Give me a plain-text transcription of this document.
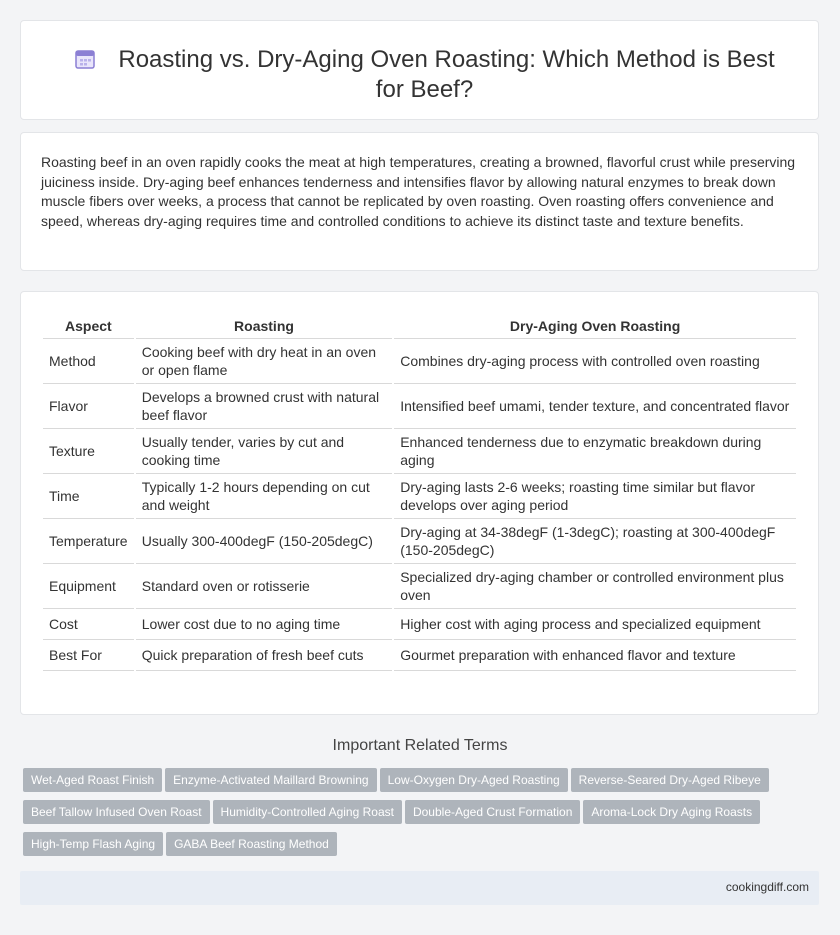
Roasting vs. Dry-Aging Oven Roasting: Which Method is Best for Beef?
Roasting beef in an oven rapidly cooks the meat at high temperatures, creating a browned, flavorful crust while preserving juiciness inside. Dry-aging beef enhances tenderness and intensifies flavor by allowing natural enzymes to break down muscle fibers over weeks, a process that cannot be replicated by oven roasting. Oven roasting offers convenience and speed, whereas dry-aging requires time and controlled conditions to achieve its distinct taste and texture benefits.
Aspect	Roasting	Dry-Aging Oven Roasting
Method	Cooking beef with dry heat in an oven or open flame	Combines dry-aging process with controlled oven roasting
Flavor	Develops a browned crust with natural beef flavor	Intensified beef umami, tender texture, and concentrated flavor
Texture	Usually tender, varies by cut and cooking time	Enhanced tenderness due to enzymatic breakdown during aging
Time	Typically 1-2 hours depending on cut and weight	Dry-aging lasts 2-6 weeks; roasting time similar but flavor develops over aging period
Temperature	Usually 300-400degF (150-205degC)	Dry-aging at 34-38degF (1-3degC); roasting at 300-400degF (150-205degC)
Equipment	Standard oven or rotisserie	Specialized dry-aging chamber or controlled environment plus oven
Cost	Lower cost due to no aging time	Higher cost with aging process and specialized equipment
Best For	Quick preparation of fresh beef cuts	Gourmet preparation with enhanced flavor and texture
Important Related Terms
Wet-Aged Roast Finish Enzyme-Activated Maillard Browning Low-Oxygen Dry-Aged Roasting Reverse-Seared Dry-Aged Ribeye
Beef Tallow Infused Oven Roast Humidity-Controlled Aging Roast Double-Aged Crust Formation Aroma-Lock Dry Aging Roasts
High-Temp Flash Aging GABA Beef Roasting Method
cookingdiff.com
